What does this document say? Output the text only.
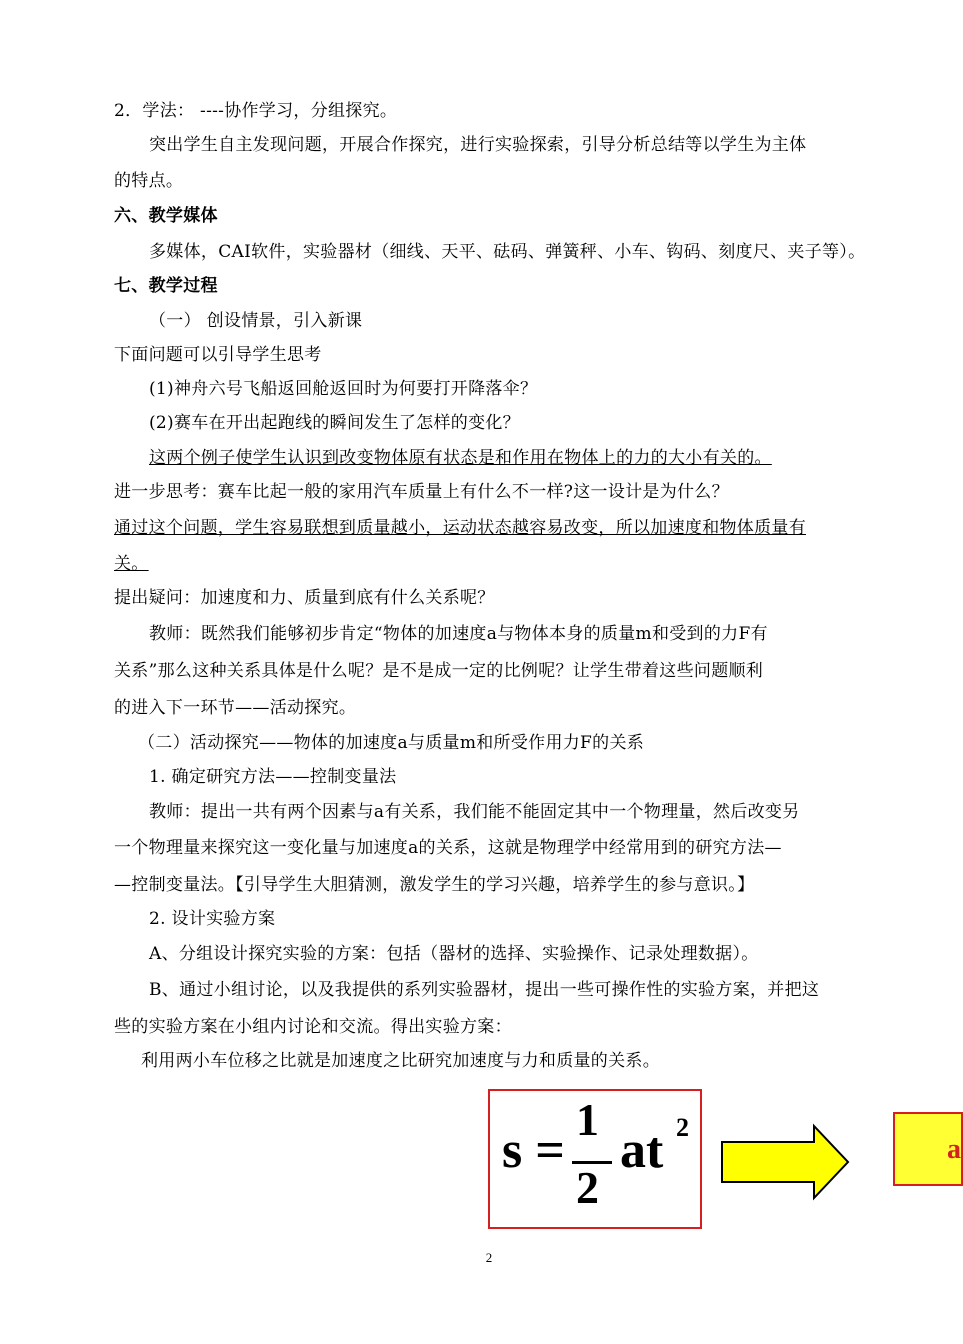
2．学法： ----协作学习，分组探究。
突出学生自主发现问题，开展合作探究，进行实验探索，引导分析总结等以学生为主体
的特点。
六、教学媒体
多媒体，CAI软件，实验器材（细线、天平、砝码、弹簧秤、小车、钩码、刻度尺、夹子等）。
七、教学过程
（一） 创设情景，引入新课
下面问题可以引导学生思考
(1)神舟六号飞船返回舱返回时为何要打开降落伞？
(2)赛车在开出起跑线的瞬间发生了怎样的变化？
这两个例子使学生认识到改变物体原有状态是和作用在物体上的力的大小有关的。
进一步思考：赛车比起一般的家用汽车质量上有什么不一样?这一设计是为什么？
通过这个问题，学生容易联想到质量越小，运动状态越容易改变，所以加速度和物体质量有
关。
提出疑问：加速度和力、质量到底有什么关系呢？
教师：既然我们能够初步肯定“物体的加速度a与物体本身的质量m和受到的力F有
关系”那么这种关系具体是什么呢？是不是成一定的比例呢？让学生带着这些问题顺利
的进入下一环节——活动探究。
（二）活动探究——物体的加速度a与质量m和所受作用力F的关系
1. 确定研究方法——控制变量法
教师：提出一共有两个因素与a有关系，我们能不能固定其中一个物理量，然后改变另
一个物理量来探究这一变化量与加速度a的关系，这就是物理学中经常用到的研究方法—
—控制变量法。【引导学生大胆猜测，激发学生的学习兴趣，培养学生的参与意识。】
2. 设计实验方案
A、分组设计探究实验的方案：包括（器材的选择、实验操作、记录处理数据）。
B、通过小组讨论，以及我提供的系列实验器材，提出一些可操作性的实验方案，并把这
些的实验方案在小组内讨论和交流。得出实验方案：
利用两小车位移之比就是加速度之比研究加速度与力和质量的关系。
s =
1
2
at 2
a
2
